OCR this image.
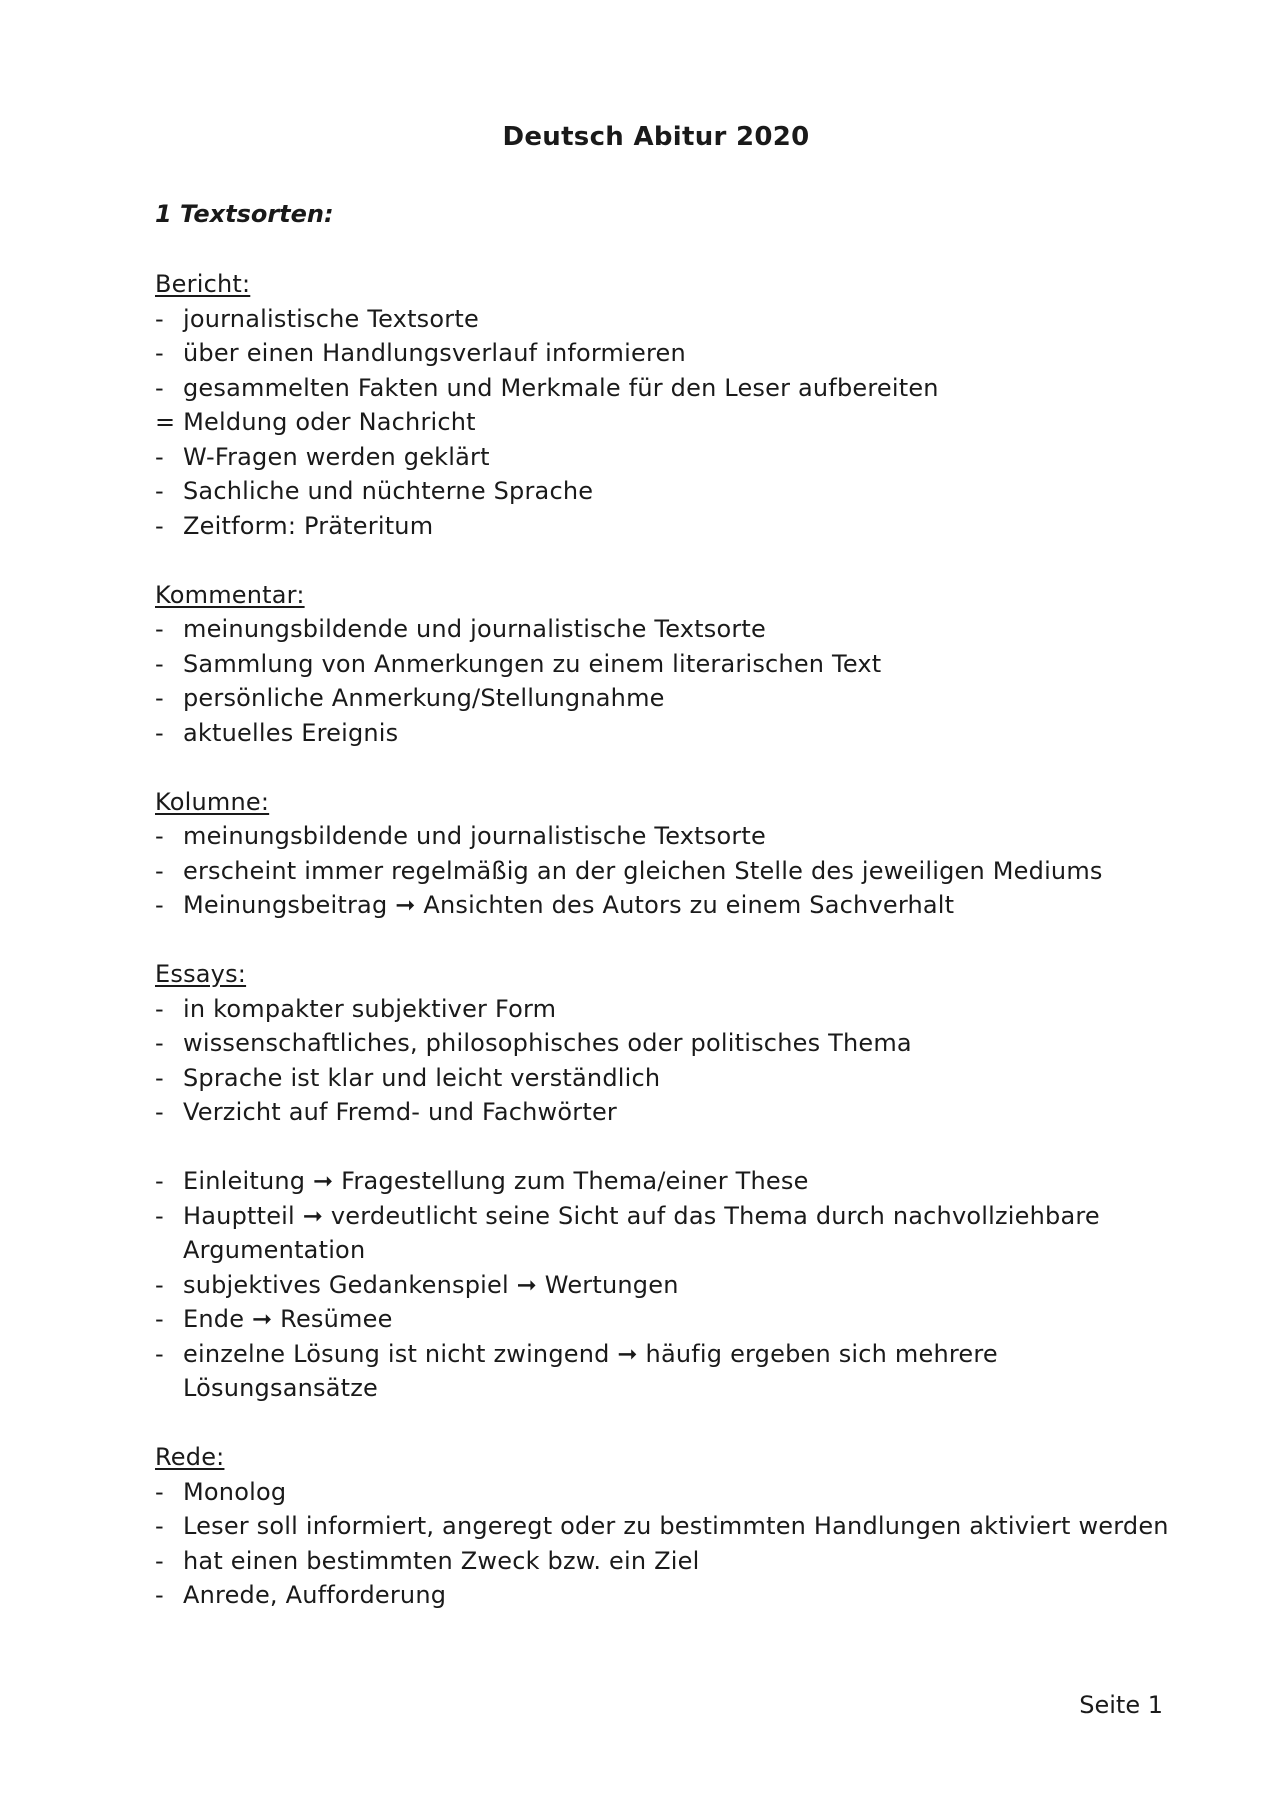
Deutsch Abitur 2020
1 Textsorten:
Bericht:
- journalistische Textsorte
- über einen Handlungsverlauf informieren
- gesammelten Fakten und Merkmale für den Leser aufbereiten
= Meldung oder Nachricht
- W-Fragen werden geklärt
- Sachliche und nüchterne Sprache
- Zeitform: Präteritum
Kommentar:
- meinungsbildende und journalistische Textsorte
- Sammlung von Anmerkungen zu einem literarischen Text
- persönliche Anmerkung/Stellungnahme
- aktuelles Ereignis
Kolumne:
- meinungsbildende und journalistische Textsorte
- erscheint immer regelmäßig an der gleichen Stelle des jeweiligen Mediums
- Meinungsbeitrag ➞ Ansichten des Autors zu einem Sachverhalt
Essays:
- in kompakter subjektiver Form
- wissenschaftliches, philosophisches oder politisches Thema
- Sprache ist klar und leicht verständlich
- Verzicht auf Fremd- und Fachwörter
- Einleitung ➞ Fragestellung zum Thema/einer These
- Hauptteil ➞ verdeutlicht seine Sicht auf das Thema durch nachvollziehbare Argumentation
- subjektives Gedankenspiel ➞ Wertungen
- Ende ➞ Resümee
- einzelne Lösung ist nicht zwingend ➞ häufig ergeben sich mehrere Lösungsansätze
Rede:
- Monolog
- Leser soll informiert, angeregt oder zu bestimmten Handlungen aktiviert werden
- hat einen bestimmten Zweck bzw. ein Ziel
- Anrede, Aufforderung
Seite 1
